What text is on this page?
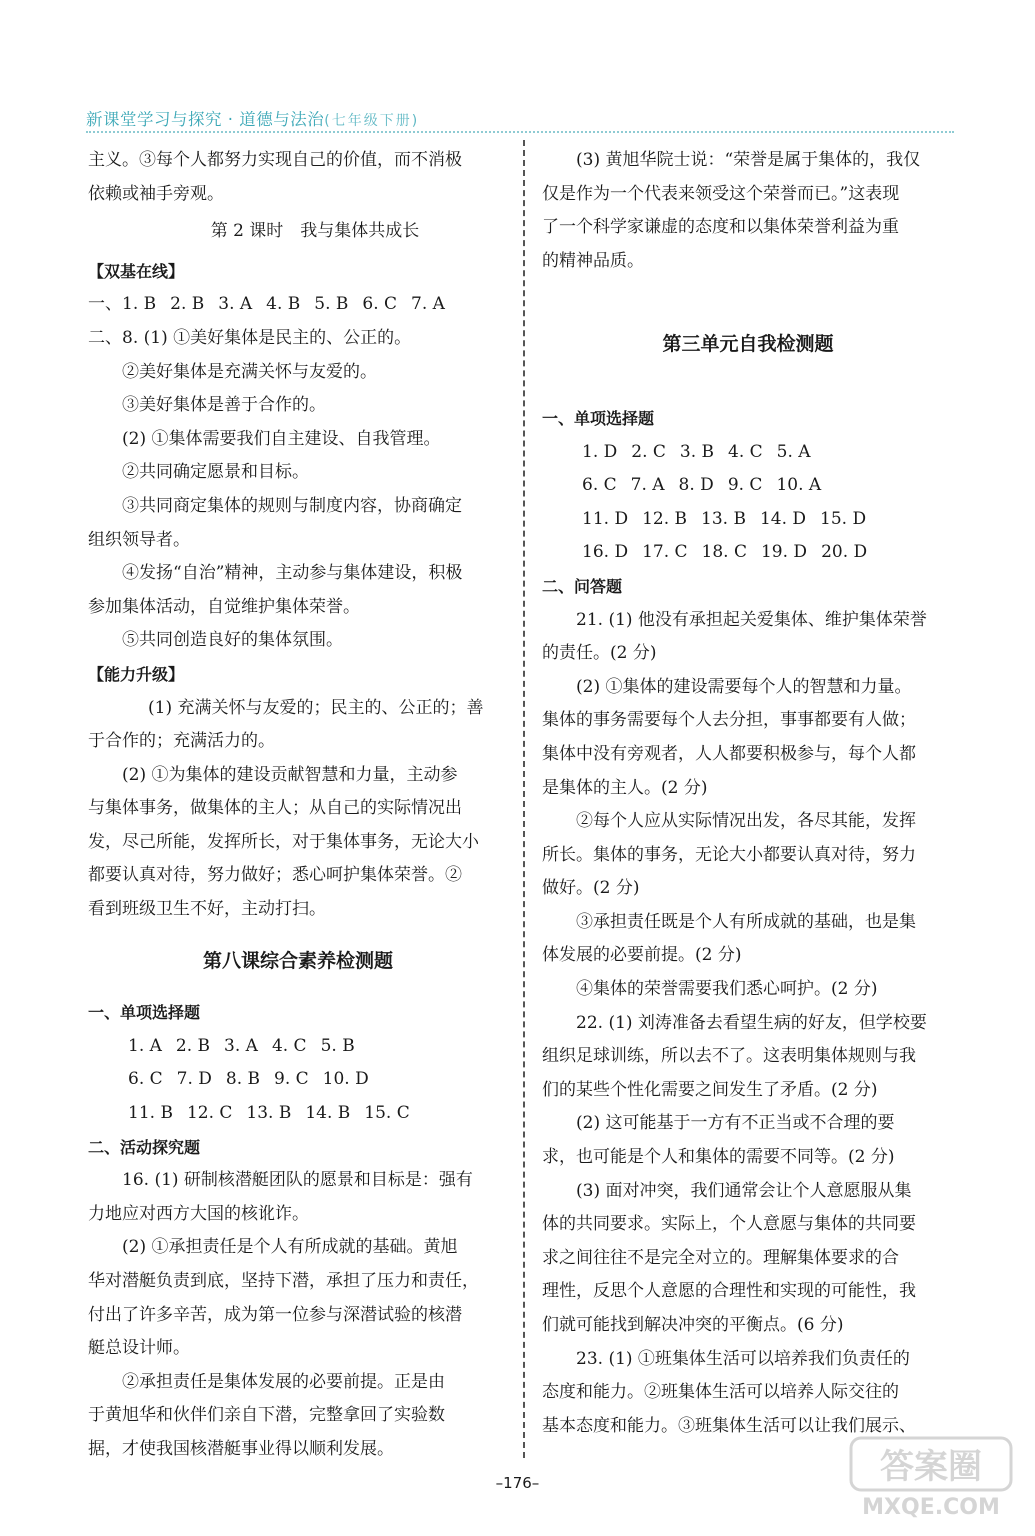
新课堂学习与探究 · 道德与法治(七年级下册)

主义。③每个人都努力实现自己的价值，而不消极

依赖或袖手旁观。

第 2 课时　我与集体共成长

【双基在线】

一、1. B 2. B 3. A 4. B 5. B 6. C 7. A

二、8. (1) ①美好集体是民主的、公正的。

②美好集体是充满关怀与友爱的。

③美好集体是善于合作的。

(2) ①集体需要我们自主建设、自我管理。

②共同确定愿景和目标。

③共同商定集体的规则与制度内容，协商确定

组织领导者。

④发扬“自治”精神，主动参与集体建设，积极

参加集体活动，自觉维护集体荣誉。

⑤共同创造良好的集体氛围。

【能力升级】

(1) 充满关怀与友爱的；民主的、公正的；善

于合作的；充满活力的。

(2) ①为集体的建设贡献智慧和力量，主动参

与集体事务，做集体的主人；从自己的实际情况出

发，尽己所能，发挥所长，对于集体事务，无论大小

都要认真对待，努力做好；悉心呵护集体荣誉。②

看到班级卫生不好，主动打扫。

第八课综合素养检测题

一、单项选择题

1. A 2. B 3. A 4. C 5. B

6. C 7. D 8. B 9. C 10. D

11. B 12. C 13. B 14. B 15. C

二、活动探究题

16. (1) 研制核潜艇团队的愿景和目标是：强有

力地应对西方大国的核讹诈。

(2) ①承担责任是个人有所成就的基础。黄旭

华对潜艇负责到底，坚持下潜，承担了压力和责任，

付出了许多辛苦，成为第一位参与深潜试验的核潜

艇总设计师。

②承担责任是集体发展的必要前提。正是由

于黄旭华和伙伴们亲自下潜，完整拿回了实验数

据，才使我国核潜艇事业得以顺利发展。

(3) 黄旭华院士说：“荣誉是属于集体的，我仅

仅是作为一个代表来领受这个荣誉而已。”这表现

了一个科学家谦虚的态度和以集体荣誉利益为重

的精神品质。

第三单元自我检测题

一、单项选择题

1. D 2. C 3. B 4. C 5. A

6. C 7. A 8. D 9. C 10. A

11. D 12. B 13. B 14. D 15. D

16. D 17. C 18. C 19. D 20. D

二、问答题

21. (1) 他没有承担起关爱集体、维护集体荣誉

的责任。(2 分)

(2) ①集体的建设需要每个人的智慧和力量。

集体的事务需要每个人去分担，事事都要有人做；

集体中没有旁观者，人人都要积极参与，每个人都

是集体的主人。(2 分)

②每个人应从实际情况出发，各尽其能，发挥

所长。集体的事务，无论大小都要认真对待，努力

做好。(2 分)

③承担责任既是个人有所成就的基础，也是集

体发展的必要前提。(2 分)

④集体的荣誉需要我们悉心呵护。(2 分)

22. (1) 刘涛准备去看望生病的好友，但学校要

组织足球训练，所以去不了。这表明集体规则与我

们的某些个性化需要之间发生了矛盾。(2 分)

(2) 这可能基于一方有不正当或不合理的要

求，也可能是个人和集体的需要不同等。(2 分)

(3) 面对冲突，我们通常会让个人意愿服从集

体的共同要求。实际上，个人意愿与集体的共同要

求之间往往不是完全对立的。理解集体要求的合

理性，反思个人意愿的合理性和实现的可能性，我

们就可能找到解决冲突的平衡点。(6 分)

23. (1) ①班集体生活可以培养我们负责任的

态度和能力。②班集体生活可以培养人际交往的

基本态度和能力。③班集体生活可以让我们展示、

–176–	答案圈
MXQE.COM
